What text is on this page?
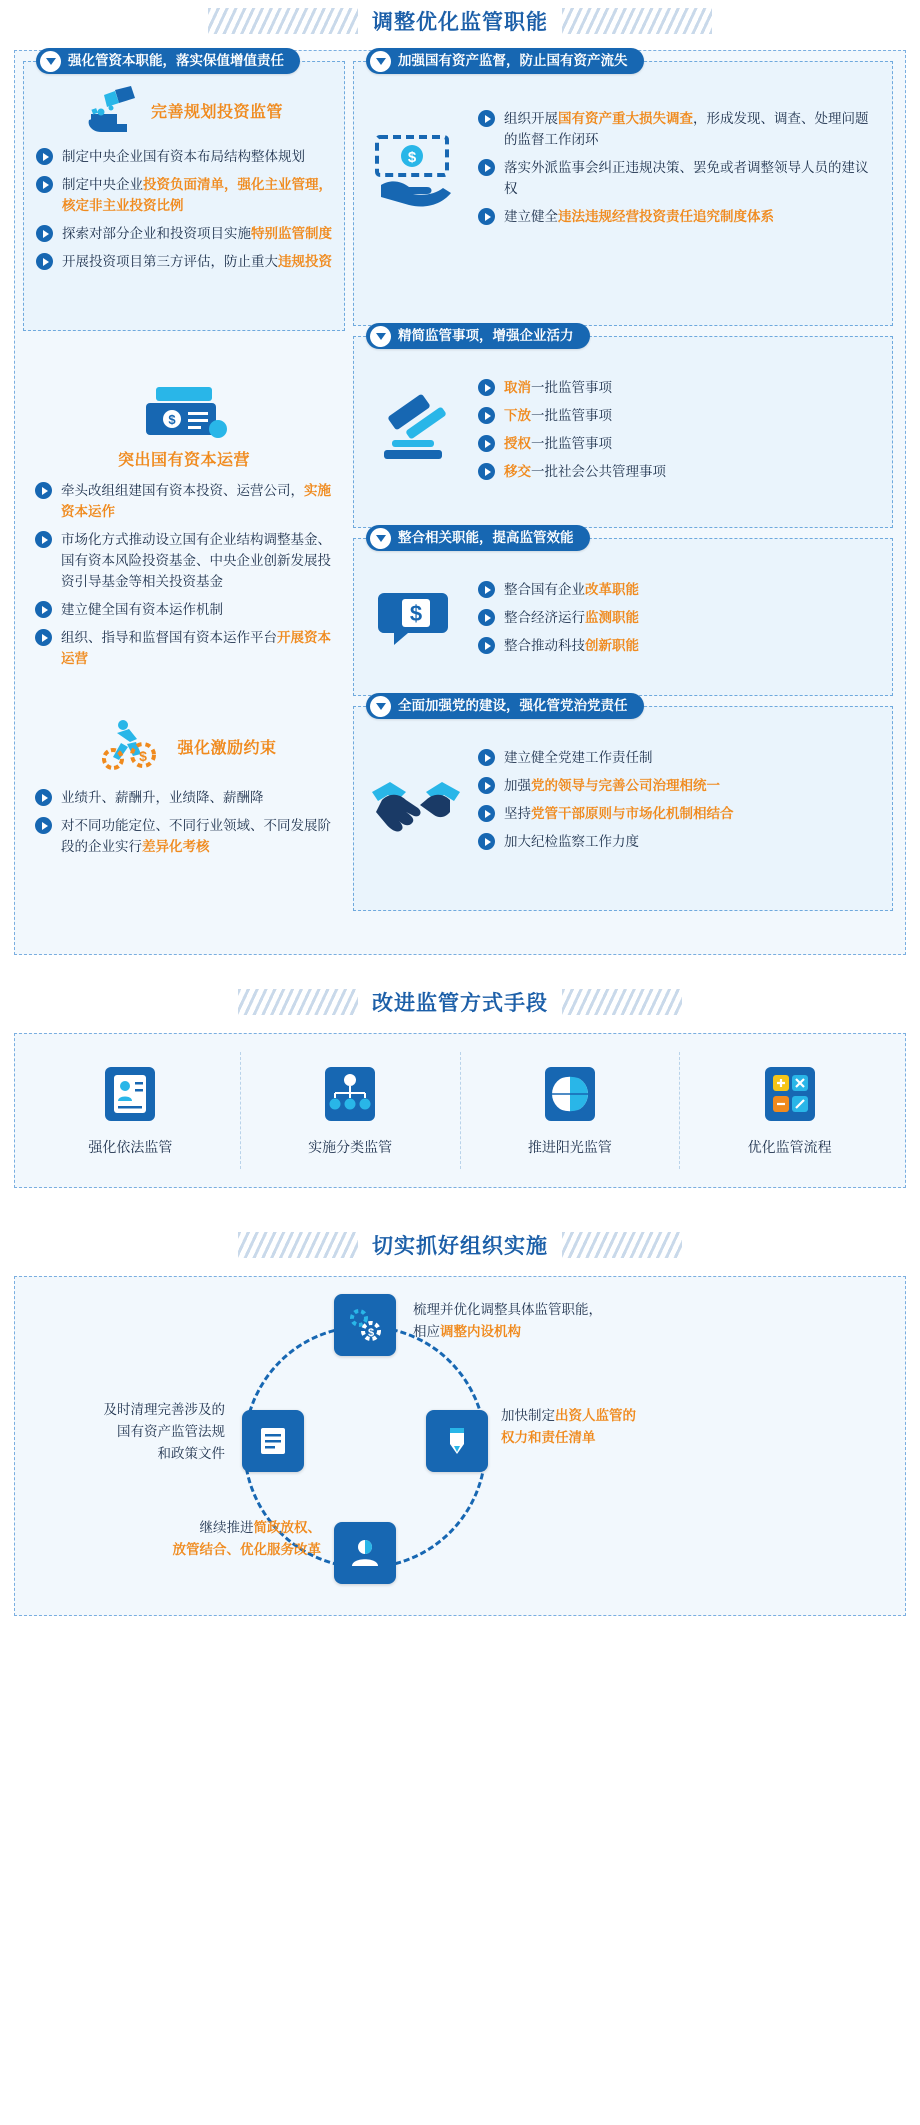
调整优化监管职能
强化管资本职能，落实保值增值责任
完善规划投资监管
制定中央企业国有资本布局结构整体规划
制定中央企业投资负面清单，强化主业管理，核定非主业投资比例
探索对部分企业和投资项目实施特别监管制度
开展投资项目第三方评估，防止重大违规投资
$
突出国有资本运营
牵头改组组建国有资本投资、运营公司，实施资本运作
市场化方式推动设立国有企业结构调整基金、国有资本风险投资基金、中央企业创新发展投资引导基金等相关投资基金
建立健全国有资本运作机制
组织、指导和监督国有资本运作平台开展资本运营
$ 强化激励约束
业绩升、薪酬升，业绩降、薪酬降
对不同功能定位、不同行业领域、不同发展阶段的企业实行差异化考核
加强国有资产监督，防止国有资产流失
$
组织开展国有资产重大损失调查，形成发现、调查、处理问题的监督工作闭环
落实外派监事会纠正违规决策、罢免或者调整领导人员的建议权
建立健全违法违规经营投资责任追究制度体系
精简监管事项，增强企业活力
取消一批监管事项
下放一批监管事项
授权一批监管事项
移交一批社会公共管理事项
整合相关职能，提高监管效能
$
整合国有企业改革职能
整合经济运行监测职能
整合推动科技创新职能
全面加强党的建设，强化管党治党责任
建立健全党建工作责任制
加强党的领导与完善公司治理相统一
坚持党管干部原则与市场化机制相结合
加大纪检监察工作力度
改进监管方式手段
强化依法监管	实施分类监管	推进阳光监管	优化监管流程
切实抓好组织实施
$
梳理并优化调整具体监管职能，
相应调整内设机构
加快制定出资人监管的
权力和责任清单
继续推进简政放权、
放管结合、优化服务改革
及时清理完善涉及的
国有资产监管法规
和政策文件
